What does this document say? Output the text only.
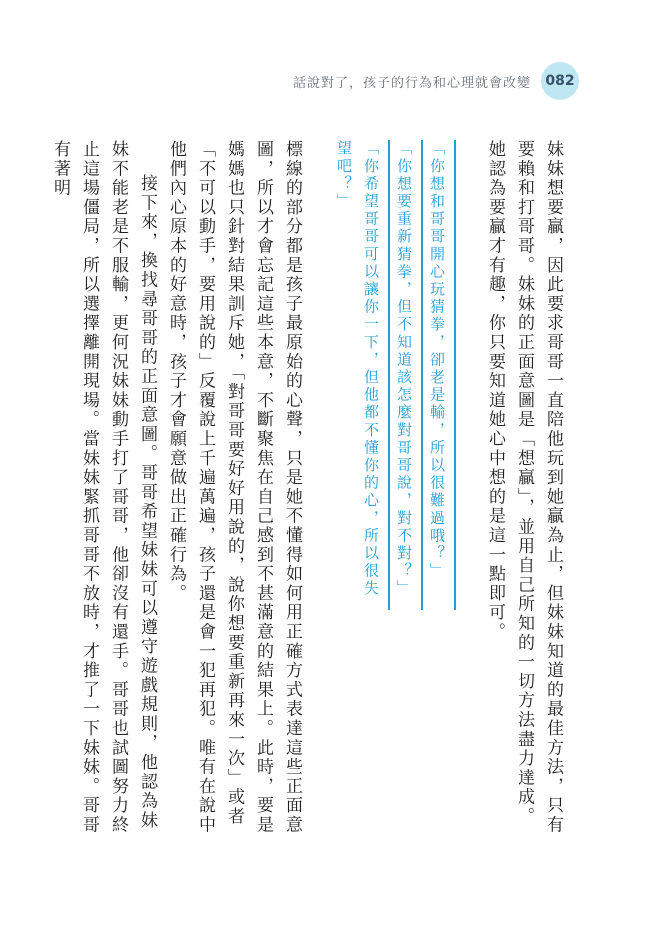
話說對了，孩子的行為和心理就會改變	082

妹妹想要贏，因此要求哥哥一直陪他玩到她贏為止，但妹妹知道的最佳方法，只有要賴和打哥哥。妹妹的正面意圖是「想贏」，並用自己所知的一切方法盡力達成。她認為要贏才有趣，你只要知道她心中想的是這一點即可。

「你想和哥哥開心玩猜拳，卻老是輸，所以很難過哦？」

「你想要重新猜拳，但不知道該怎麼對哥哥說，對不對？」

「你希望哥哥可以讓你一下，但他都不懂你的心，所以很失望吧？」

標線的部分都是孩子最原始的心聲，只是她不懂得如何用正確方式表達這些正面意圖，所以才會忘記這些本意，不斷聚焦在自己感到不甚滿意的結果上。此時，要是媽媽也只針對結果訓斥她，「對哥哥要好好用說的，說你想要重新再來一次」或者「不可以動手，要用說的」反覆說上千遍萬遍，孩子還是會一犯再犯。唯有在說中他們內心原本的好意時，孩子才會願意做出正確行為。

接下來，換找尋哥哥的正面意圖。哥哥希望妹妹可以遵守遊戲規則，他認為妹妹不能老是不服輸，更何況妹妹動手打了哥哥，他卻沒有還手。哥哥也試圖努力終止這場僵局，所以選擇離開現場。當妹妹緊抓哥哥不放時，才推了一下妹妹。哥哥有著明
